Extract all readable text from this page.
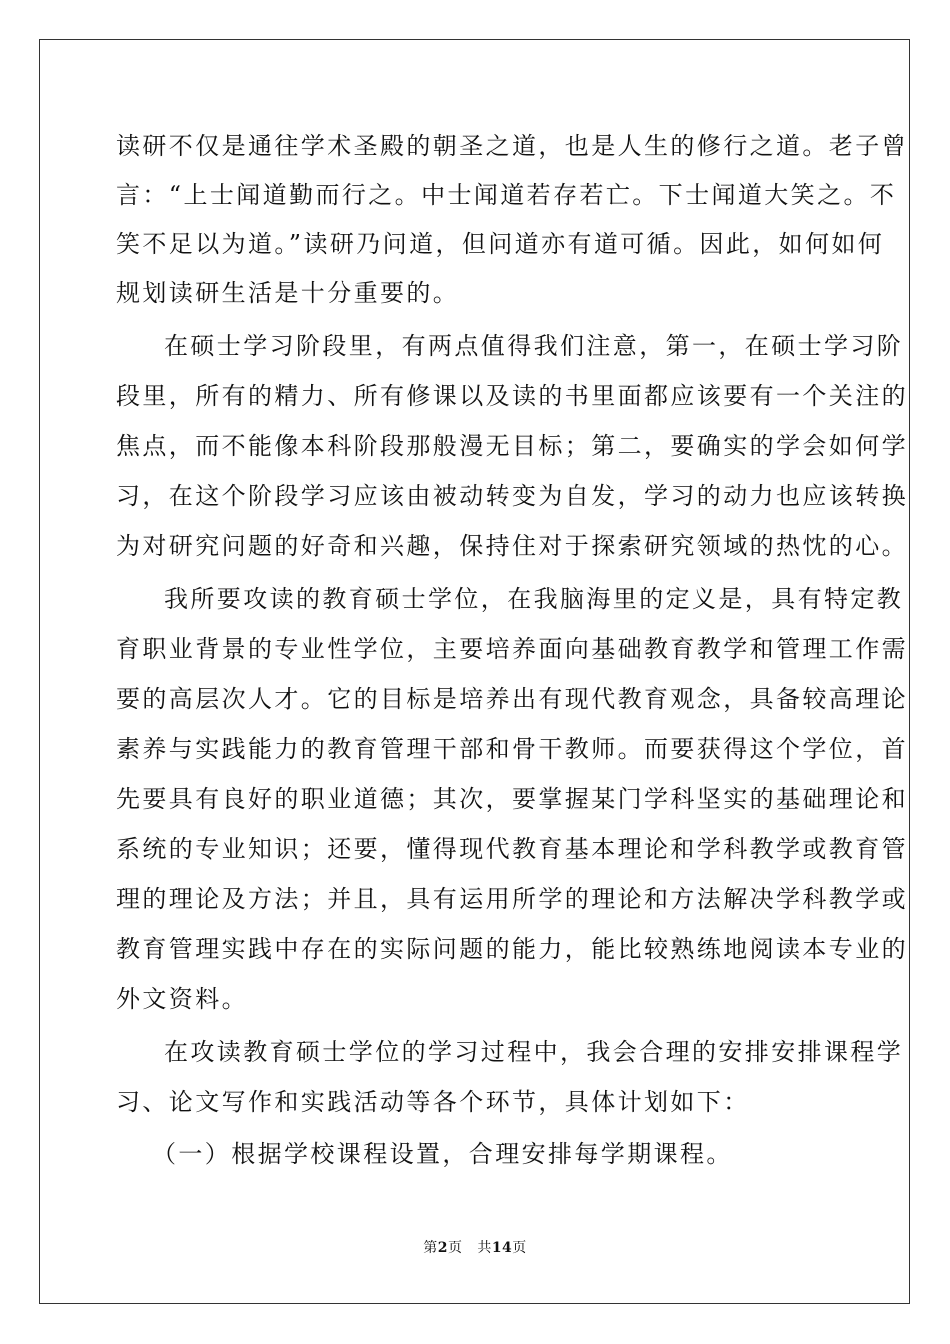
读研不仅是通往学术圣殿的朝圣之道，也是人生的修行之道。老子曾
言：“上士闻道勤而行之。中士闻道若存若亡。下士闻道大笑之。不
笑不足以为道。”读研乃问道，但问道亦有道可循。因此，如何如何
规划读研生活是十分重要的。
在硕士学习阶段里，有两点值得我们注意，第一，在硕士学习阶
段里，所有的精力、所有修课以及读的书里面都应该要有一个关注的
焦点，而不能像本科阶段那般漫无目标；第二，要确实的学会如何学
习，在这个阶段学习应该由被动转变为自发，学习的动力也应该转换
为对研究问题的好奇和兴趣，保持住对于探索研究领域的热忱的心。
我所要攻读的教育硕士学位，在我脑海里的定义是，具有特定教
育职业背景的专业性学位，主要培养面向基础教育教学和管理工作需
要的高层次人才。它的目标是培养出有现代教育观念，具备较高理论
素养与实践能力的教育管理干部和骨干教师。而要获得这个学位，首
先要具有良好的职业道德；其次，要掌握某门学科坚实的基础理论和
系统的专业知识；还要，懂得现代教育基本理论和学科教学或教育管
理的理论及方法；并且，具有运用所学的理论和方法解决学科教学或
教育管理实践中存在的实际问题的能力，能比较熟练地阅读本专业的
外文资料。
在攻读教育硕士学位的学习过程中，我会合理的安排安排课程学
习、论文写作和实践活动等各个环节，具体计划如下：
（一）根据学校课程设置，合理安排每学期课程。
第2页 共14页
